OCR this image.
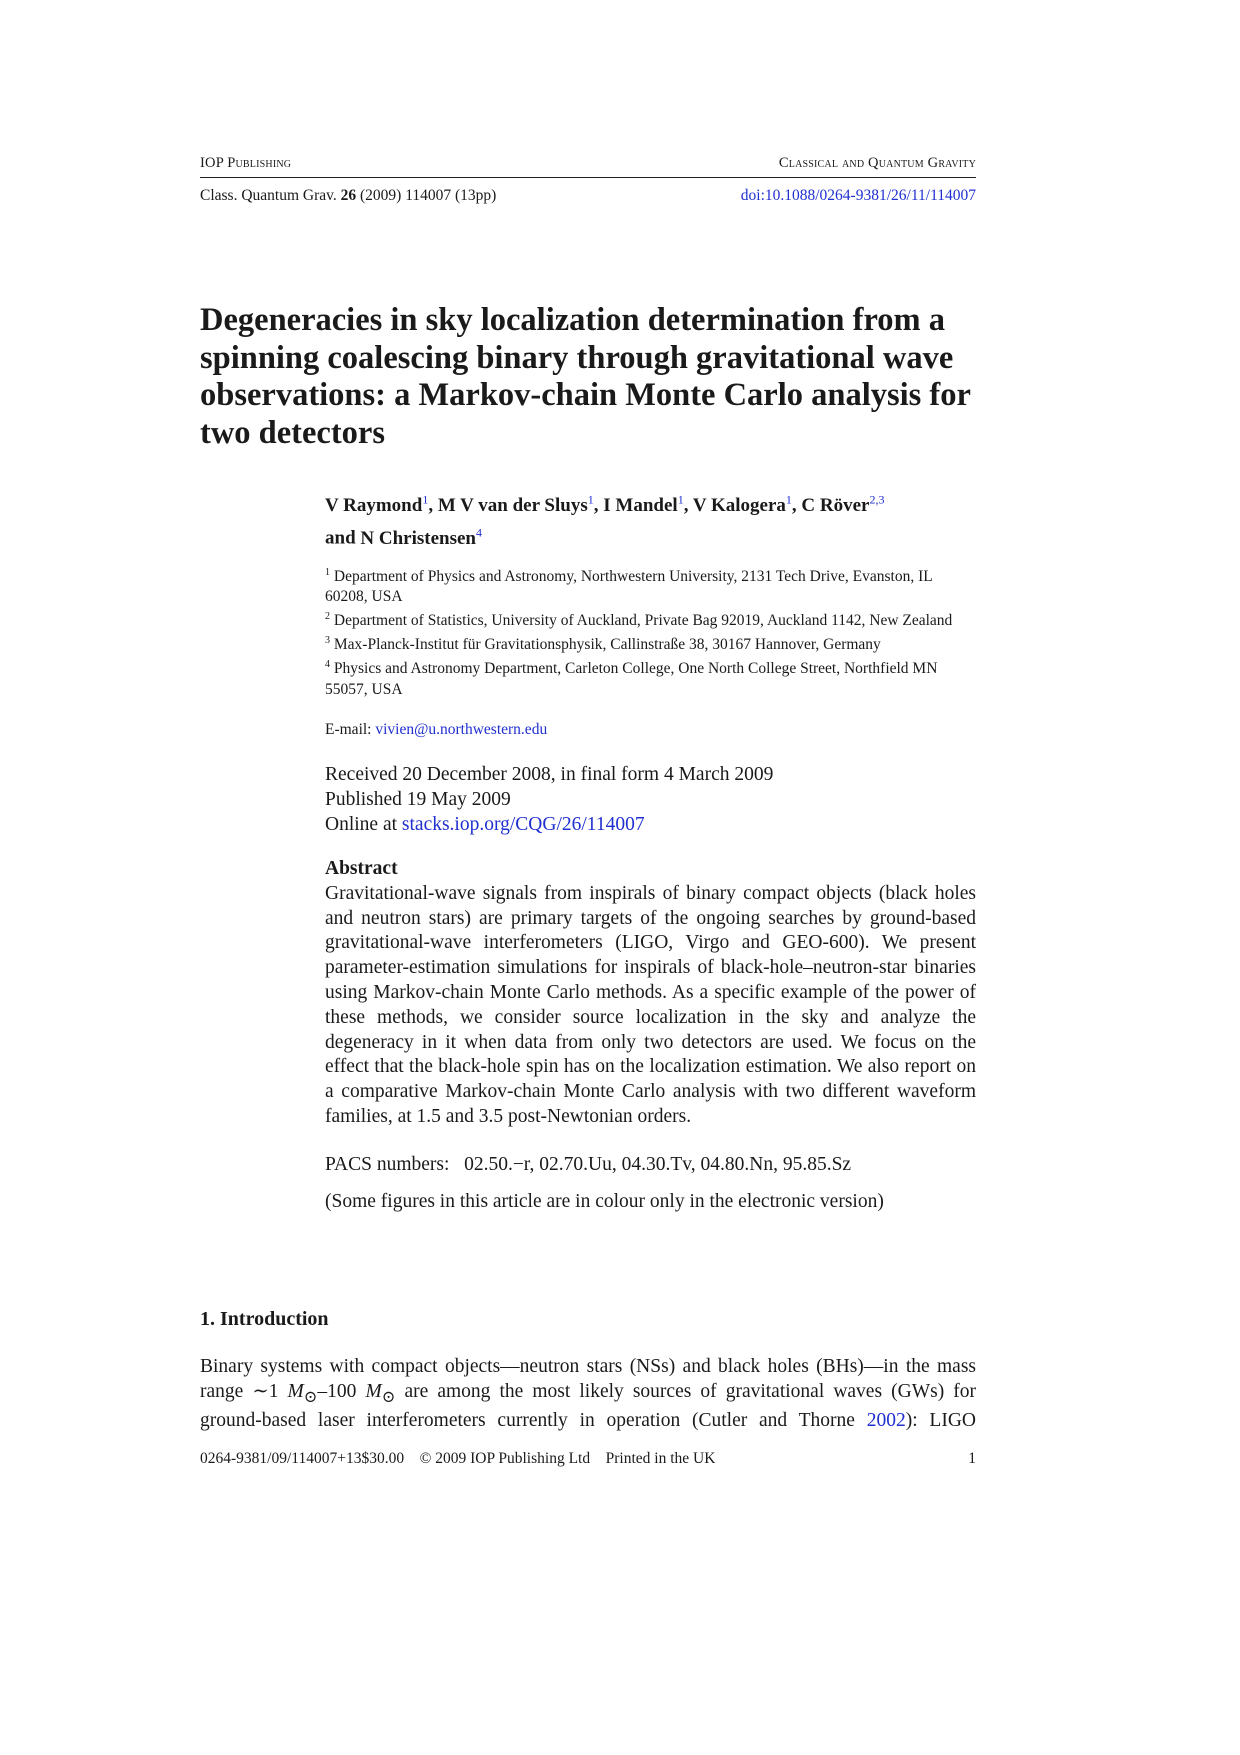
IOP Publishing	Classical and Quantum Gravity
Class. Quantum Grav. 26 (2009) 114007 (13pp)	doi:10.1088/0264-9381/26/11/114007
Degeneracies in sky localization determination from a spinning coalescing binary through gravitational wave observations: a Markov-chain Monte Carlo analysis for two detectors
V Raymond$^1$, M V van der Sluys$^1$, I Mandel$^1$, V Kalogera$^1$, C Röver$^{2,3}$
and N Christensen$^4$

$^1$ Department of Physics and Astronomy, Northwestern University, 2131 Tech Drive, Evanston, IL 60208, USA

$^2$ Department of Statistics, University of Auckland, Private Bag 92019, Auckland 1142, New Zealand

$^3$ Max-Planck-Institut für Gravitationsphysik, Callinstraße 38, 30167 Hannover, Germany

$^4$ Physics and Astronomy Department, Carleton College, One North College Street, Northfield MN 55057, USA

E-mail: vivien@u.northwestern.edu
Received 20 December 2008, in final form 4 March 2009
Published 19 May 2009
Online at stacks.iop.org/CQG/26/114007
Abstract

Gravitational-wave signals from inspirals of binary compact objects (black holes and neutron stars) are primary targets of the ongoing searches by ground-based gravitational-wave interferometers (LIGO, Virgo and GEO-600). We present parameter-estimation simulations for inspirals of black-hole–neutron-star binaries using Markov-chain Monte Carlo methods. As a specific example of the power of these methods, we consider source localization in the sky and analyze the degeneracy in it when data from only two detectors are used. We focus on the effect that the black-hole spin has on the localization estimation. We also report on a comparative Markov-chain Monte Carlo analysis with two different waveform families, at 1.5 and 3.5 post-Newtonian orders.

PACS numbers: 02.50.−r, 02.70.Uu, 04.30.Tv, 04.80.Nn, 95.85.Sz
(Some figures in this article are in colour only in the electronic version)
1. Introduction

Binary systems with compact objects—neutron stars (NSs) and black holes (BHs)—in the mass range ∼1 $M_⊙-100$ $M_⊙$ are among the most likely sources of gravitational waves (GWs) for ground-based laser interferometers currently in operation (Cutler and Thorne 2002): LIGO

0264-9381/09/114007+13$30.00 © 2009 IOP Publishing Ltd Printed in the UK	1
